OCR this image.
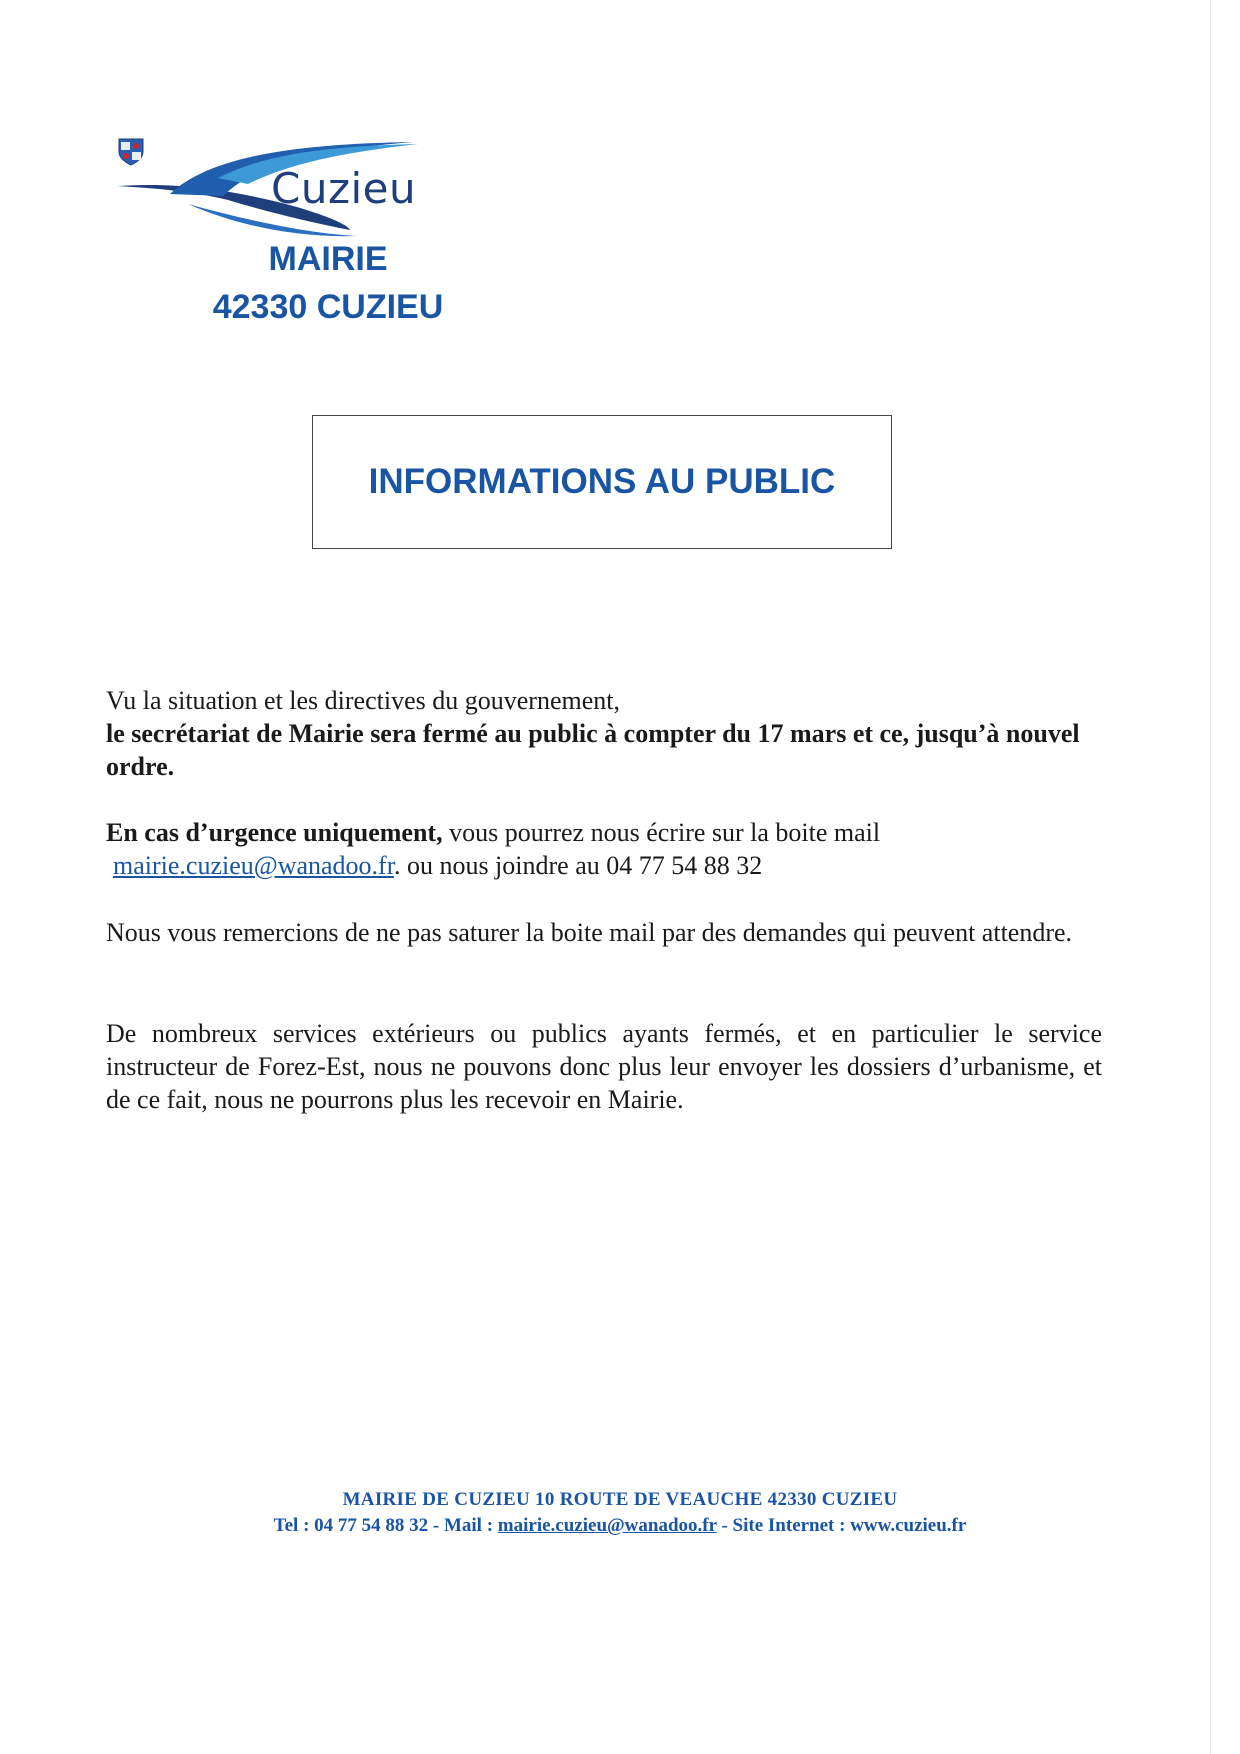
Cuzieu
MAIRIE
42330 CUZIEU
INFORMATIONS AU PUBLIC
Vu la situation et les directives du gouvernement,
le secrétariat de Mairie sera fermé au public à compter du 17 mars et ce, jusqu’à nouvel ordre.
En cas d’urgence uniquement, vous pourrez nous écrire sur la boite mail
mairie.cuzieu@wanadoo.fr. ou nous joindre au 04 77 54 88 32
Nous vous remercions de ne pas saturer la boite mail par des demandes qui peuvent attendre.
De nombreux services extérieurs ou publics ayants fermés, et en particulier le service instructeur de Forez-Est, nous ne pouvons donc plus leur envoyer les dossiers d’urbanisme, et de ce fait, nous ne pourrons plus les recevoir en Mairie.
MAIRIE DE CUZIEU 10 ROUTE DE VEAUCHE 42330 CUZIEU
Tel : 04 77 54 88 32 - Mail : mairie.cuzieu@wanadoo.fr - Site Internet : www.cuzieu.fr
